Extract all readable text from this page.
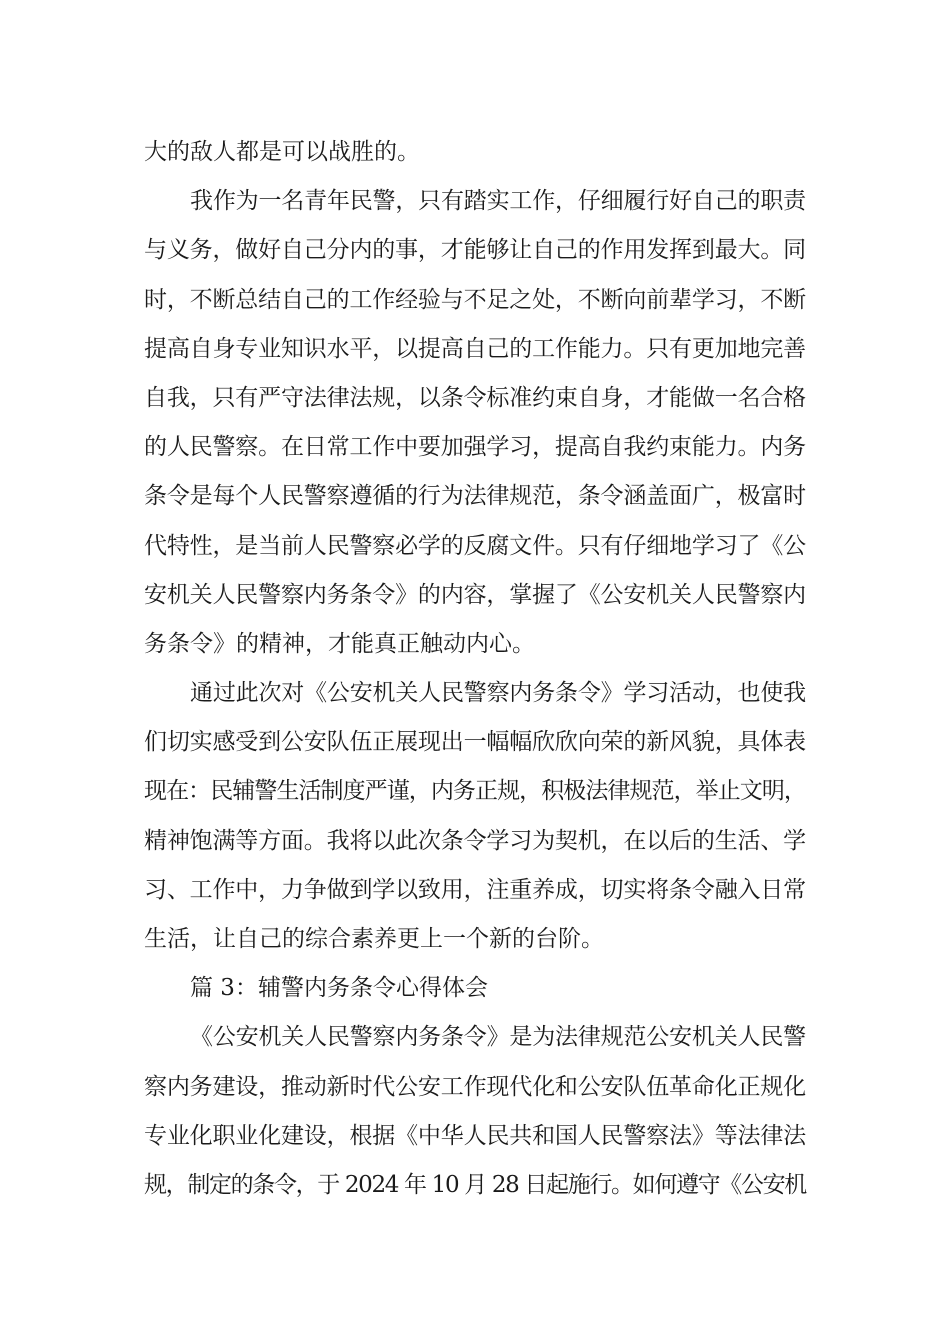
大的敌人都是可以战胜的。
我作为一名青年民警，只有踏实工作，仔细履行好自己的职责
与义务，做好自己分内的事，才能够让自己的作用发挥到最大。同
时，不断总结自己的工作经验与不足之处，不断向前辈学习，不断
提高自身专业知识水平，以提高自己的工作能力。只有更加地完善
自我，只有严守法律法规，以条令标准约束自身，才能做一名合格
的人民警察。在日常工作中要加强学习，提高自我约束能力。内务
条令是每个人民警察遵循的行为法律规范，条令涵盖面广，极富时
代特性，是当前人民警察必学的反腐文件。只有仔细地学习了《公
安机关人民警察内务条令》的内容，掌握了《公安机关人民警察内
务条令》的精神，才能真正触动内心。
通过此次对《公安机关人民警察内务条令》学习活动，也使我
们切实感受到公安队伍正展现出一幅幅欣欣向荣的新风貌，具体表
现在：民辅警生活制度严谨，内务正规，积极法律规范，举止文明，
精神饱满等方面。我将以此次条令学习为契机，在以后的生活、学
习、工作中，力争做到学以致用，注重养成，切实将条令融入日常
生活，让自己的综合素养更上一个新的台阶。
篇 3：辅警内务条令心得体会
《公安机关人民警察内务条令》是为法律规范公安机关人民警
察内务建设，推动新时代公安工作现代化和公安队伍革命化正规化
专业化职业化建设，根据《中华人民共和国人民警察法》等法律法
规，制定的条令，于 2024 年 10 月 28 日起施行。如何遵守《公安机
